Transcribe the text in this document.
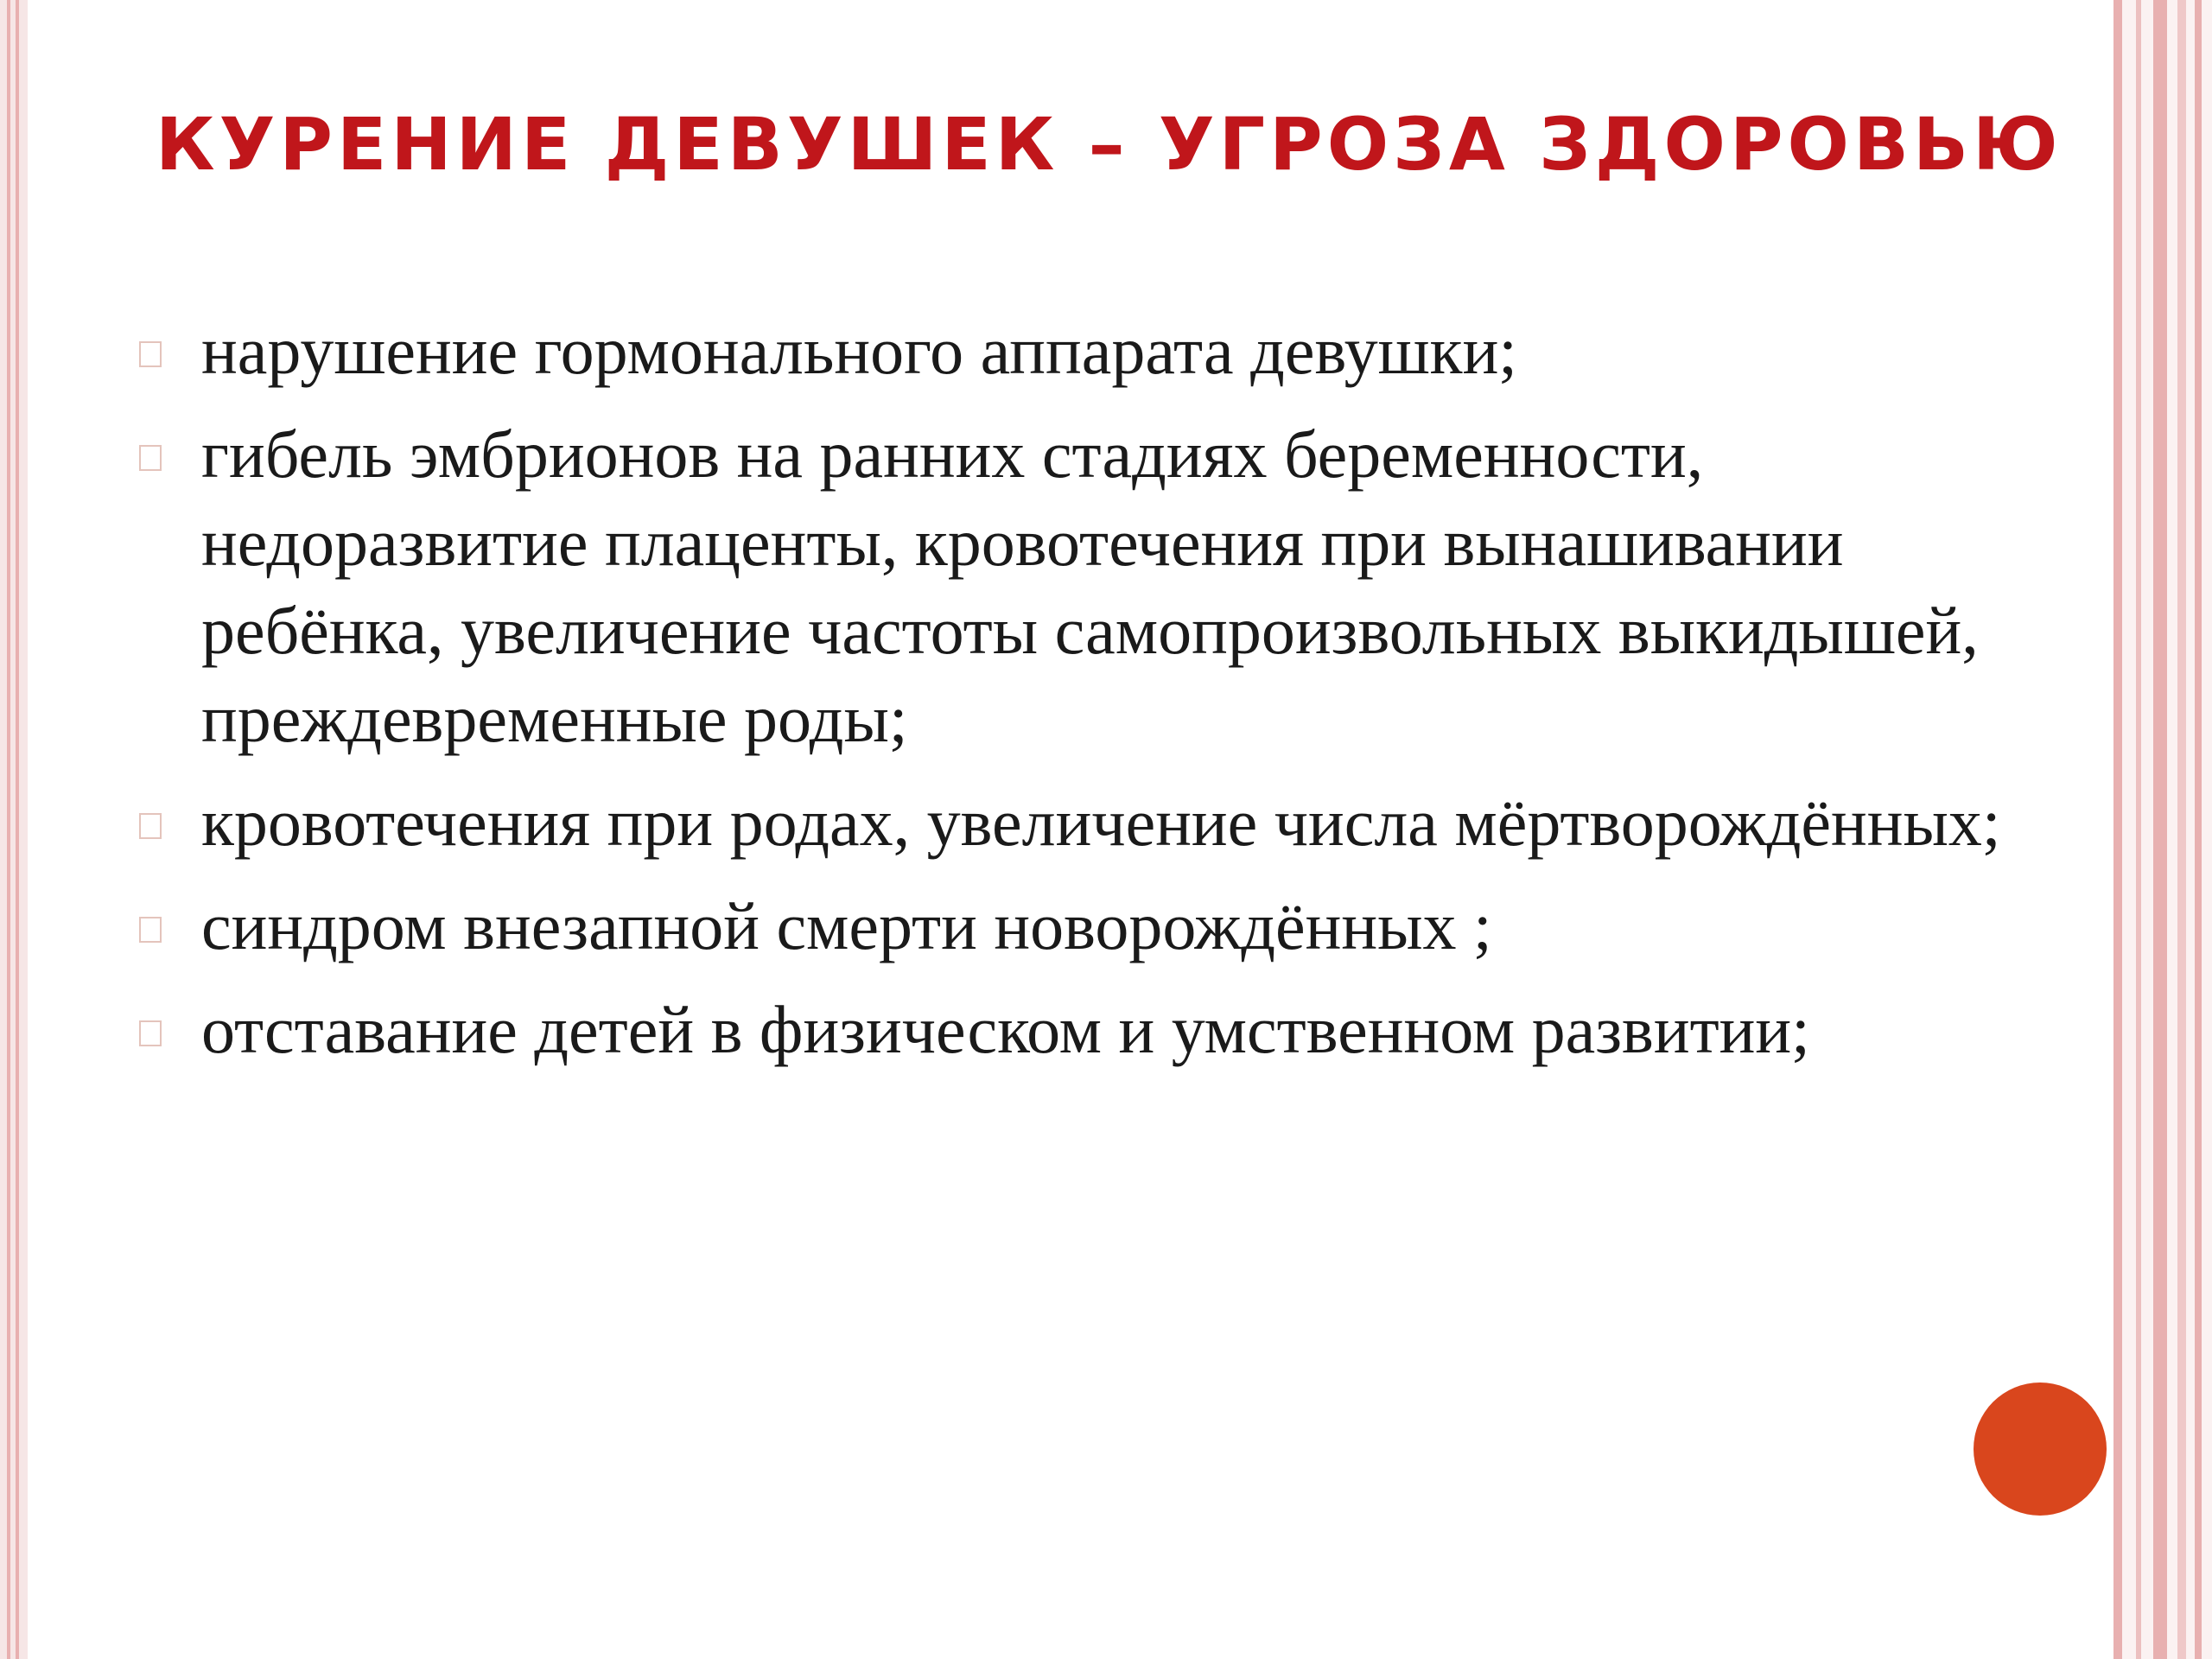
КУРЕНИЕ ДЕВУШЕК – УГРОЗА ЗДОРОВЬЮ
нарушение гормонального аппарата девушки;
гибель эмбрионов на ранних стадиях беременности, недоразвитие плаценты, кровотечения при вынашивании ребёнка, увеличение частоты самопроизвольных выкидышей, преждевременные роды;
кровотечения при родах, увеличение числа мёртворождённых;
синдром внезапной смерти новорождённых ;
отставание детей в физическом и умственном развитии;
